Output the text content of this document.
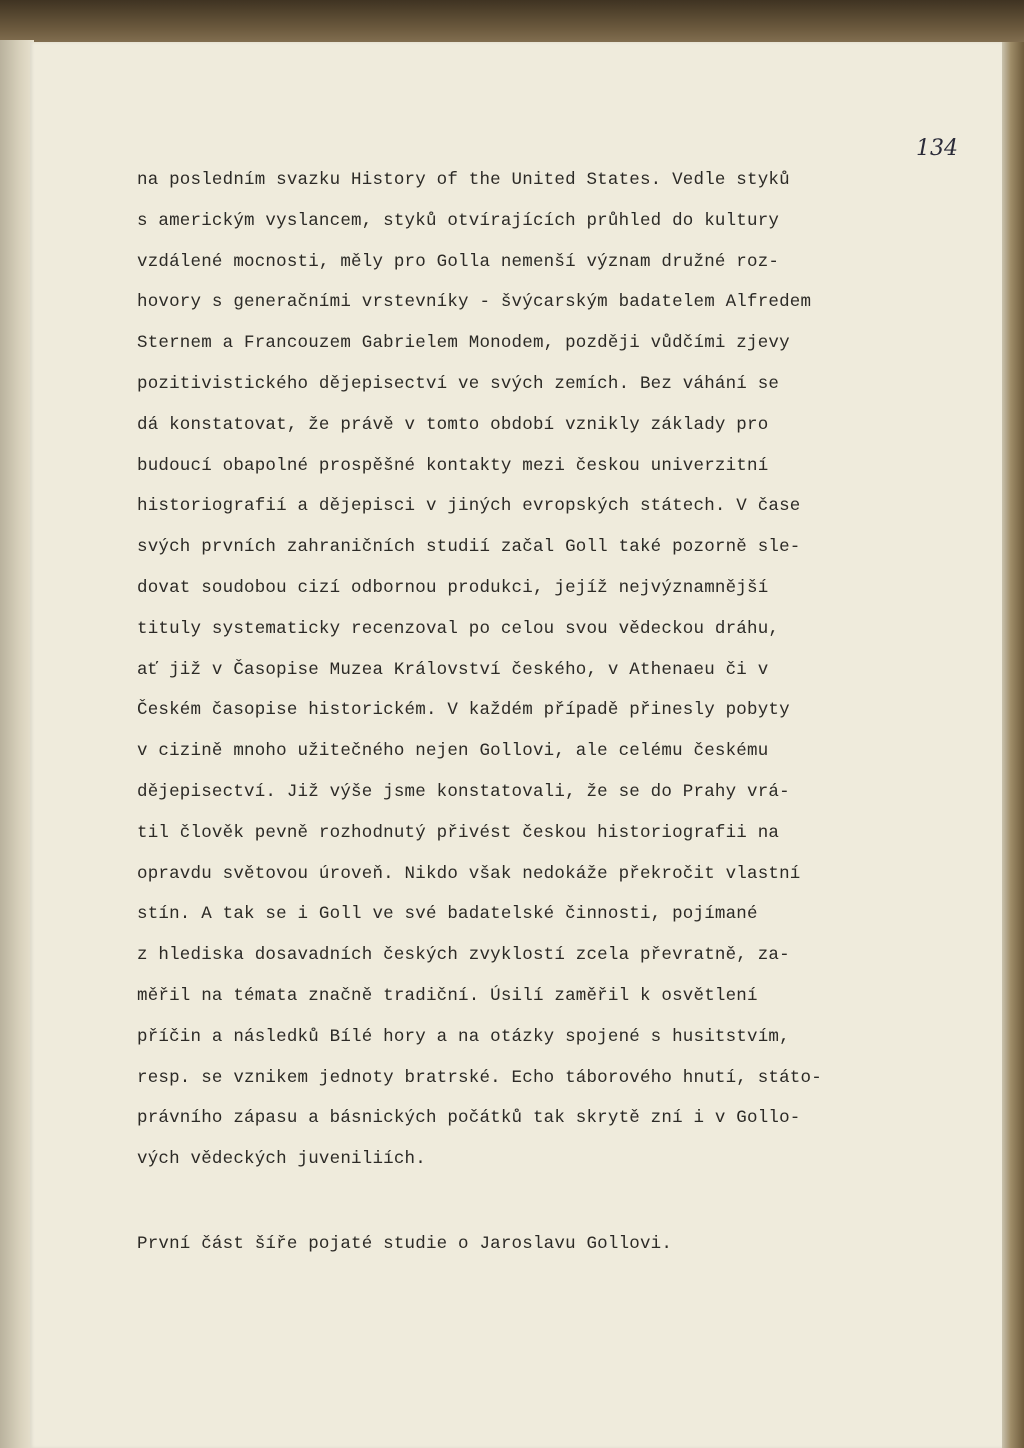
134
na posledním svazku History of the United States. Vedle styků
s americkým vyslancem, styků otvírajících průhled do kultury
vzdálené mocnosti, měly pro Golla nemenší význam družné roz-
hovory s generačními vrstevníky - švýcarským badatelem Alfredem
Sternem a Francouzem Gabrielem Monodem, později vůdčími zjevy
pozitivistického dějepisectví ve svých zemích. Bez váhání se
dá konstatovat, že právě v tomto období vznikly základy pro
budoucí obapolné prospěšné kontakty mezi českou univerzitní
historiografií a dějepisci v jiných evropských státech. V čase
svých prvních zahraničních studií začal Goll také pozorně sle-
dovat soudobou cizí odbornou produkci, jejíž nejvýznamnější
tituly systematicky recenzoval po celou svou vědeckou dráhu,
ať již v Časopise Muzea Království českého, v Athenaeu či v
Českém časopise historickém. V každém případě přinesly pobyty
v cizině mnoho užitečného nejen Gollovi, ale celému českému
dějepisectví. Již výše jsme konstatovali, že se do Prahy vrá-
til člověk pevně rozhodnutý přivést českou historiografii na
opravdu světovou úroveň. Nikdo však nedokáže překročit vlastní
stín. A tak se i Goll ve své badatelské činnosti, pojímané
z hlediska dosavadních českých zvyklostí zcela převratně, za-
měřil na témata značně tradiční. Úsilí zaměřil k osvětlení
příčin a následků Bílé hory a na otázky spojené s husitstvím,
resp. se vznikem jednoty bratrské. Echo táborového hnutí, státo-
právního zápasu a básnických počátků tak skrytě zní i v Gollo-
vých vědeckých juveniliích.
První část šíře pojaté studie o Jaroslavu Gollovi.
